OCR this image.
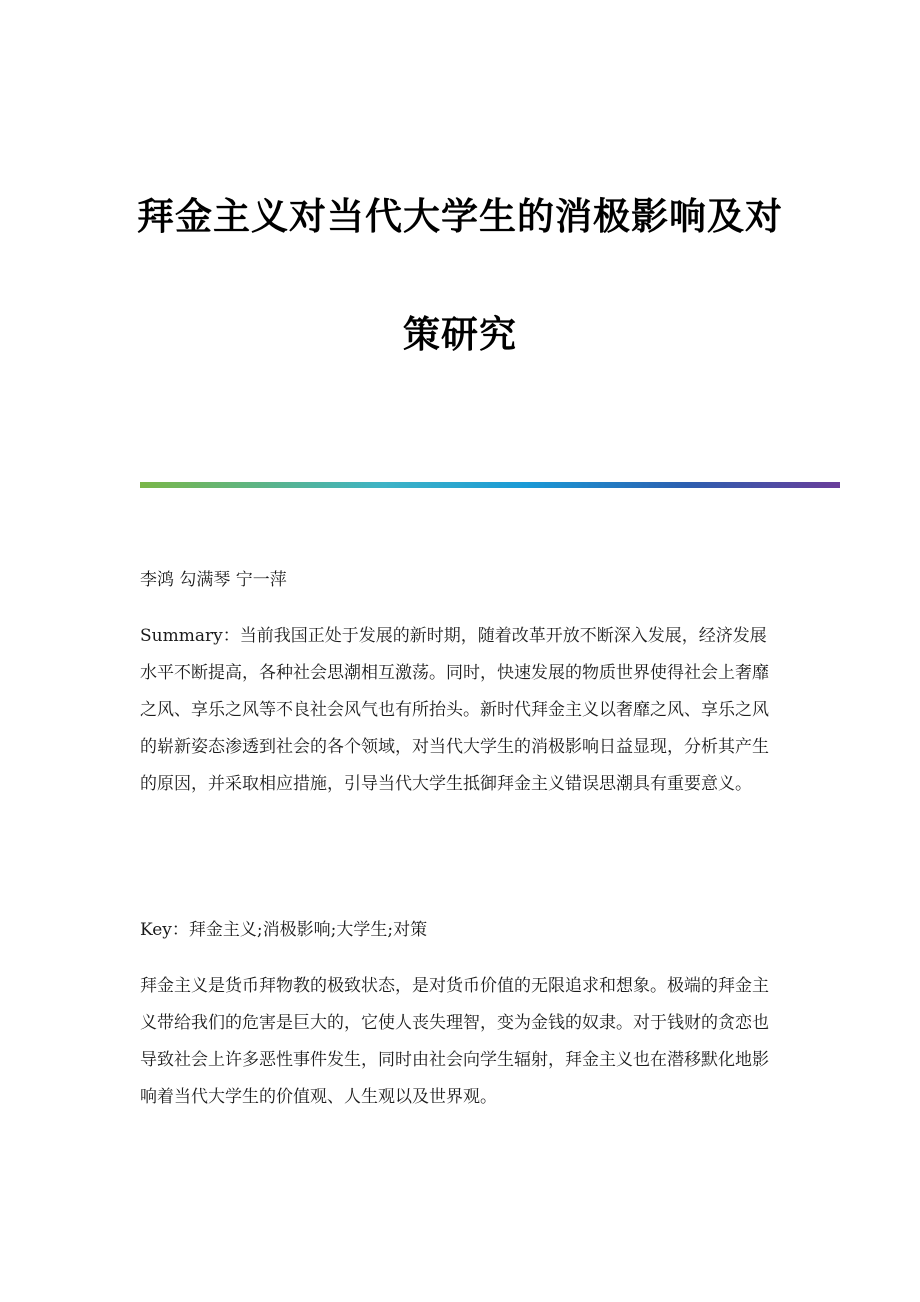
拜金主义对当代大学生的消极影响及对
策研究
李鸿 勾满琴 宁一萍
Summary：当前我国正处于发展的新时期，随着改革开放不断深入发展，经济发展水平不断提高，各种社会思潮相互激荡。同时，快速发展的物质世界使得社会上奢靡之风、享乐之风等不良社会风气也有所抬头。新时代拜金主义以奢靡之风、享乐之风的崭新姿态渗透到社会的各个领域，对当代大学生的消极影响日益显现，分析其产生的原因，并采取相应措施，引导当代大学生抵御拜金主义错误思潮具有重要意义。
Key：拜金主义;消极影响;大学生;对策
拜金主义是货币拜物教的极致状态，是对货币价值的无限追求和想象。极端的拜金主义带给我们的危害是巨大的，它使人丧失理智，变为金钱的奴隶。对于钱财的贪恋也导致社会上许多恶性事件发生，同时由社会向学生辐射，拜金主义也在潜移默化地影响着当代大学生的价值观、人生观以及世界观。
